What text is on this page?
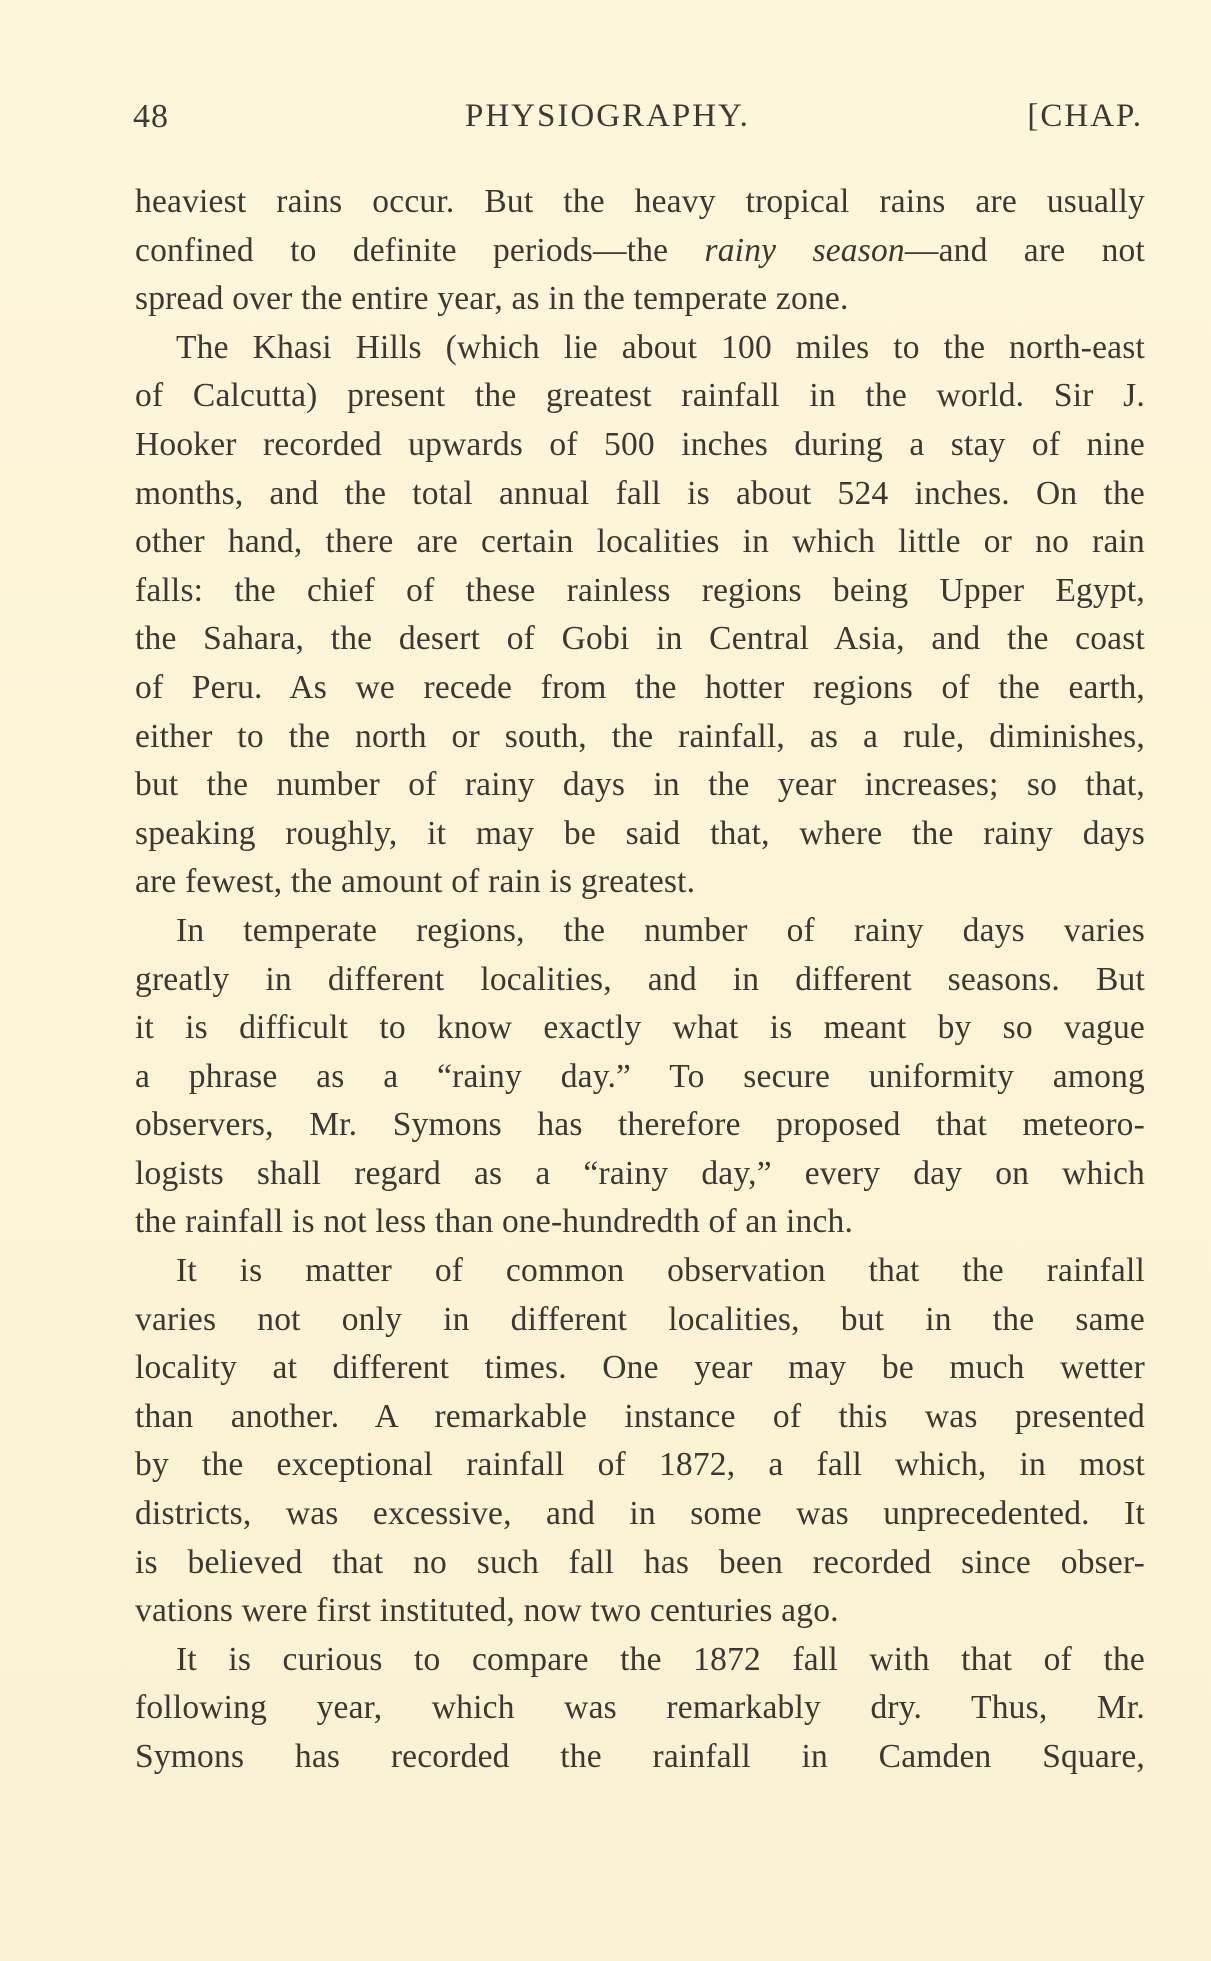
48	PHYSIOGRAPHY.	[CHAP.
heaviest rains occur. But the heavy tropical rains are usually
confined to definite periods—the rainy season—and are not
spread over the entire year, as in the temperate zone.
The Khasi Hills (which lie about 100 miles to the north-east
of Calcutta) present the greatest rainfall in the world. Sir J.
Hooker recorded upwards of 500 inches during a stay of nine
months, and the total annual fall is about 524 inches. On the
other hand, there are certain localities in which little or no rain
falls: the chief of these rainless regions being Upper Egypt,
the Sahara, the desert of Gobi in Central Asia, and the coast
of Peru. As we recede from the hotter regions of the earth,
either to the north or south, the rainfall, as a rule, diminishes,
but the number of rainy days in the year increases; so that,
speaking roughly, it may be said that, where the rainy days
are fewest, the amount of rain is greatest.
In temperate regions, the number of rainy days varies
greatly in different localities, and in different seasons. But
it is difficult to know exactly what is meant by so vague
a phrase as a “rainy day.” To secure uniformity among
observers, Mr. Symons has therefore proposed that meteoro-
logists shall regard as a “rainy day,” every day on which
the rainfall is not less than one-hundredth of an inch.
It is matter of common observation that the rainfall
varies not only in different localities, but in the same
locality at different times. One year may be much wetter
than another. A remarkable instance of this was presented
by the exceptional rainfall of 1872, a fall which, in most
districts, was excessive, and in some was unprecedented. It
is believed that no such fall has been recorded since obser-
vations were first instituted, now two centuries ago.
It is curious to compare the 1872 fall with that of the
following year, which was remarkably dry. Thus, Mr.
Symons has recorded the rainfall in Camden Square,
